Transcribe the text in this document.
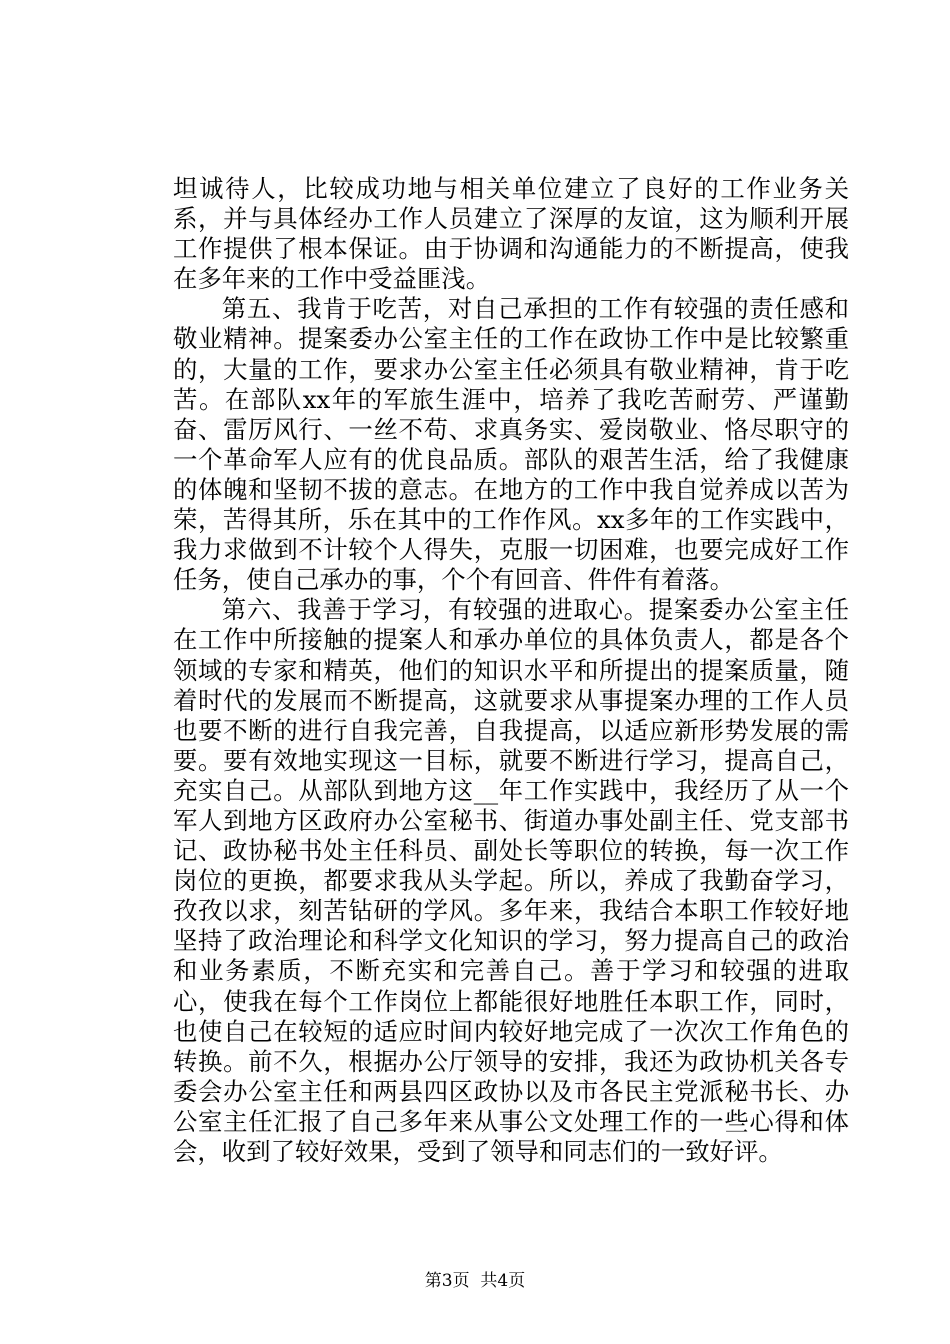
坦诚待人，比较成功地与相关单位建立了良好的工作业务关系，并与具体经办工作人员建立了深厚的友谊，这为顺利开展工作提供了根本保证。由于协调和沟通能力的不断提高，使我在多年来的工作中受益匪浅。

第五、我肯于吃苦，对自己承担的工作有较强的责任感和敬业精神。提案委办公室主任的工作在政协工作中是比较繁重的，大量的工作，要求办公室主任必须具有敬业精神，肯于吃苦。在部队xx年的军旅生涯中，培养了我吃苦耐劳、严谨勤奋、雷厉风行、一丝不苟、求真务实、爱岗敬业、恪尽职守的一个革命军人应有的优良品质。部队的艰苦生活，给了我健康的体魄和坚韧不拔的意志。在地方的工作中我自觉养成以苦为荣，苦得其所，乐在其中的工作作风。xx多年的工作实践中，我力求做到不计较个人得失，克服一切困难，也要完成好工作任务，使自己承办的事，个个有回音、件件有着落。

第六、我善于学习，有较强的进取心。提案委办公室主任在工作中所接触的提案人和承办单位的具体负责人，都是各个领域的专家和精英，他们的知识水平和所提出的提案质量，随着时代的发展而不断提高，这就要求从事提案办理的工作人员也要不断的进行自我完善，自我提高，以适应新形势发展的需要。要有效地实现这一目标，就要不断进行学习，提高自己，充实自己。从部队到地方这__年工作实践中，我经历了从一个军人到地方区政府办公室秘书、街道办事处副主任、党支部书记、政协秘书处主任科员、副处长等职位的转换，每一次工作岗位的更换，都要求我从头学起。所以，养成了我勤奋学习，孜孜以求，刻苦钻研的学风。多年来，我结合本职工作较好地坚持了政治理论和科学文化知识的学习，努力提高自己的政治和业务素质，不断充实和完善自己。善于学习和较强的进取心，使我在每个工作岗位上都能很好地胜任本职工作，同时，也使自己在较短的适应时间内较好地完成了一次次工作角色的转换。前不久，根据办公厅领导的安排，我还为政协机关各专委会办公室主任和两县四区政协以及市各民主党派秘书长、办公室主任汇报了自己多年来从事公文处理工作的一些心得和体会，收到了较好效果，受到了领导和同志们的一致好评。

第3页  共4页
